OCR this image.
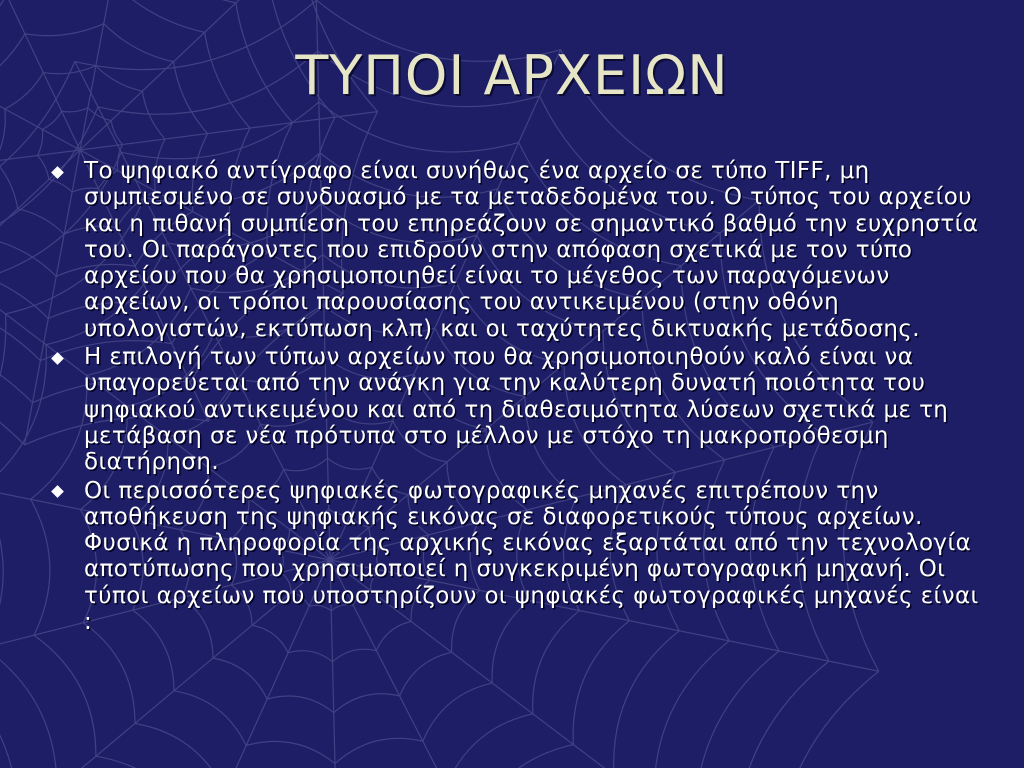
ΤΥΠΟΙ ΑΡΧΕΙΩΝ
Το ψηφιακό αντίγραφο είναι συνήθως ένα αρχείο σε τύπο TIFF, μη συμπιεσμένο σε συνδυασμό με τα μεταδεδομένα του. Ο τύπος του αρχείου και η πιθανή συμπίεση του επηρεάζουν σε σημαντικό βαθμό την ευχρηστία του. Οι παράγοντες που επιδρούν στην απόφαση σχετικά με τον τύπο αρχείου που θα χρησιμοποιηθεί είναι το μέγεθος των παραγόμενων αρχείων, οι τρόποι παρουσίασης του αντικειμένου (στην οθόνη υπολογιστών, εκτύπωση κλπ) και οι ταχύτητες δικτυακής μετάδοσης.
Η επιλογή των τύπων αρχείων που θα χρησιμοποιηθούν καλό είναι να υπαγορεύεται από την ανάγκη για την καλύτερη δυνατή ποιότητα του ψηφιακού αντικειμένου και από τη διαθεσιμότητα λύσεων σχετικά με τη μετάβαση σε νέα πρότυπα στο μέλλον με στόχο τη μακροπρόθεσμη διατήρηση.
Οι περισσότερες ψηφιακές φωτογραφικές μηχανές επιτρέπουν την αποθήκευση της ψηφιακής εικόνας σε διαφορετικούς τύπους αρχείων. Φυσικά η πληροφορία της αρχικής εικόνας εξαρτάται από την τεχνολογία αποτύπωσης που χρησιμοποιεί η συγκεκριμένη φωτογραφική μηχανή. Οι τύποι αρχείων που υποστηρίζουν οι ψηφιακές φωτογραφικές μηχανές είναι :
